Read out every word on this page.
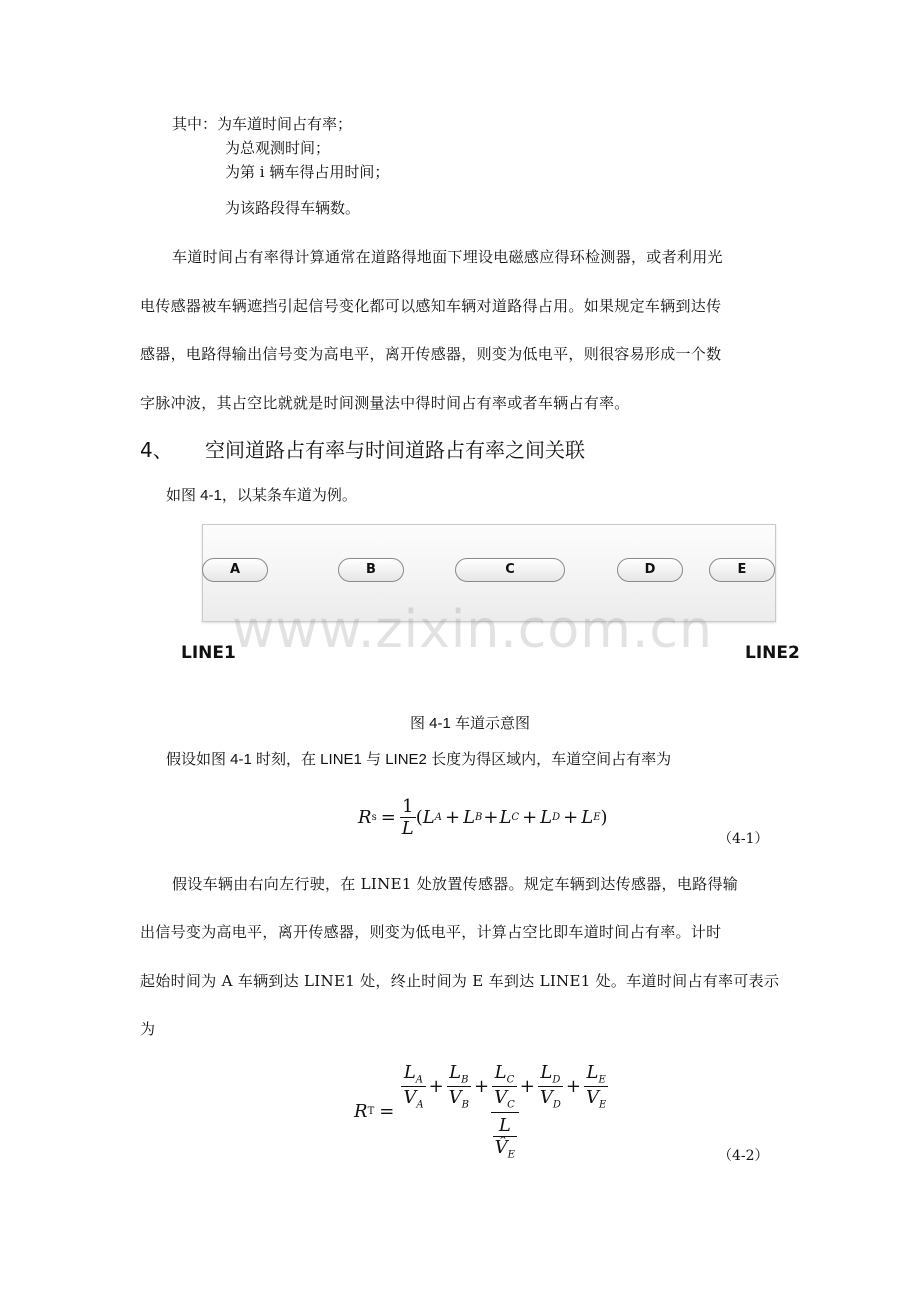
其中：为车道时间占有率；
为总观测时间；
为第 i 辆车得占用时间；
为该路段得车辆数。
车道时间占有率得计算通常在道路得地面下埋设电磁感应得环检测器，或者利用光
电传感器被车辆遮挡引起信号变化都可以感知车辆对道路得占用。如果规定车辆到达传
感器，电路得输出信号变为高电平，离开传感器，则变为低电平，则很容易形成一个数
字脉冲波，其占空比就就是时间测量法中得时间占有率或者车辆占有率。
4、 空间道路占有率与时间道路占有率之间关联
如图 4-1，以某条车道为例。
A	B	C	D	E
www.zixin.com.cn
LINE1	LINE2
图 4-1 车道示意图
假设如图 4-1 时刻，在 LINE1 与 LINE2 长度为得区域内，车道空间占有率为
R $s = \frac{1}{L}$ ( L A + L B + L C + L D + L E )
（4-1）
假设车辆由右向左行驶，在 LINE1 处放置传感器。规定车辆到达传感器，电路得输
出信号变为高电平，离开传感器，则变为低电平，计算占空比即车道时间占有率。计时
起始时间为 A 车辆到达 LINE1 处，终止时间为 E 车到达 LINE1 处。车道时间占有率可表示
为
R T =
$\frac{L_A}{V_A} + \frac{L_B}{V_B} + \frac{L_C}{V_C} + \frac{L_D}{V_D} + \frac{L_E}{V_E}$
$\frac{L}{V̂_E}$	（4-2）
